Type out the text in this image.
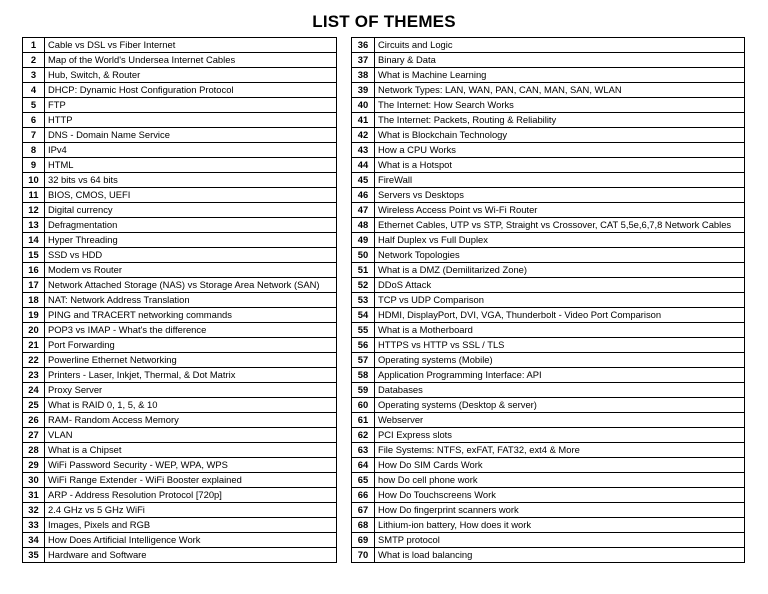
LIST OF THEMES
1	Cable vs DSL vs Fiber Internet
2	Map of the World's Undersea Internet Cables
3	Hub, Switch, & Router
4	DHCP: Dynamic Host Configuration Protocol
5	FTP
6	HTTP
7	DNS - Domain Name Service
8	IPv4
9	HTML
10	32 bits vs 64 bits
11	BIOS, CMOS, UEFI
12	Digital currency
13	Defragmentation
14	Hyper Threading
15	SSD vs HDD
16	Modem vs Router
17	Network Attached Storage (NAS) vs Storage Area Network (SAN)
18	NAT: Network Address Translation
19	PING and TRACERT networking commands
20	POP3 vs IMAP - What's the difference
21	Port Forwarding
22	Powerline Ethernet Networking
23	Printers - Laser, Inkjet, Thermal, & Dot Matrix
24	Proxy Server
25	What is RAID 0, 1, 5, & 10
26	RAM- Random Access Memory
27	VLAN
28	What is a Chipset
29	WiFi Password Security - WEP, WPA, WPS
30	WiFi Range Extender - WiFi Booster explained
31	ARP - Address Resolution Protocol [720p]
32	2.4 GHz vs 5 GHz WiFi
33	Images, Pixels and RGB
34	How Does Artificial Intelligence Work
35	Hardware and Software
36	Circuits and Logic
37	Binary & Data
38	What is Machine Learning
39	Network Types: LAN, WAN, PAN, CAN, MAN, SAN, WLAN
40	The Internet: How Search Works
41	The Internet: Packets, Routing & Reliability
42	What is Blockchain Technology
43	How a CPU Works
44	What is a Hotspot
45	FireWall
46	Servers vs Desktops
47	Wireless Access Point vs Wi-Fi Router
48	Ethernet Cables, UTP vs STP, Straight vs Crossover, CAT 5,5e,6,7,8 Network Cables
49	Half Duplex vs Full Duplex
50	Network Topologies
51	What is a DMZ (Demilitarized Zone)
52	DDoS Attack
53	TCP vs UDP Comparison
54	HDMI, DisplayPort, DVI, VGA, Thunderbolt - Video Port Comparison
55	What is a Motherboard
56	HTTPS vs HTTP vs SSL / TLS
57	Operating systems (Mobile)
58	Application Programming Interface: API
59	Databases
60	Operating systems (Desktop & server)
61	Webserver
62	PCI Express slots
63	File Systems: NTFS, exFAT, FAT32, ext4 & More
64	How Do SIM Cards Work
65	how Do cell phone work
66	How Do Touchscreens Work
67	How Do fingerprint scanners work
68	Lithium-ion battery, How does it work
69	SMTP protocol
70	What is load balancing
